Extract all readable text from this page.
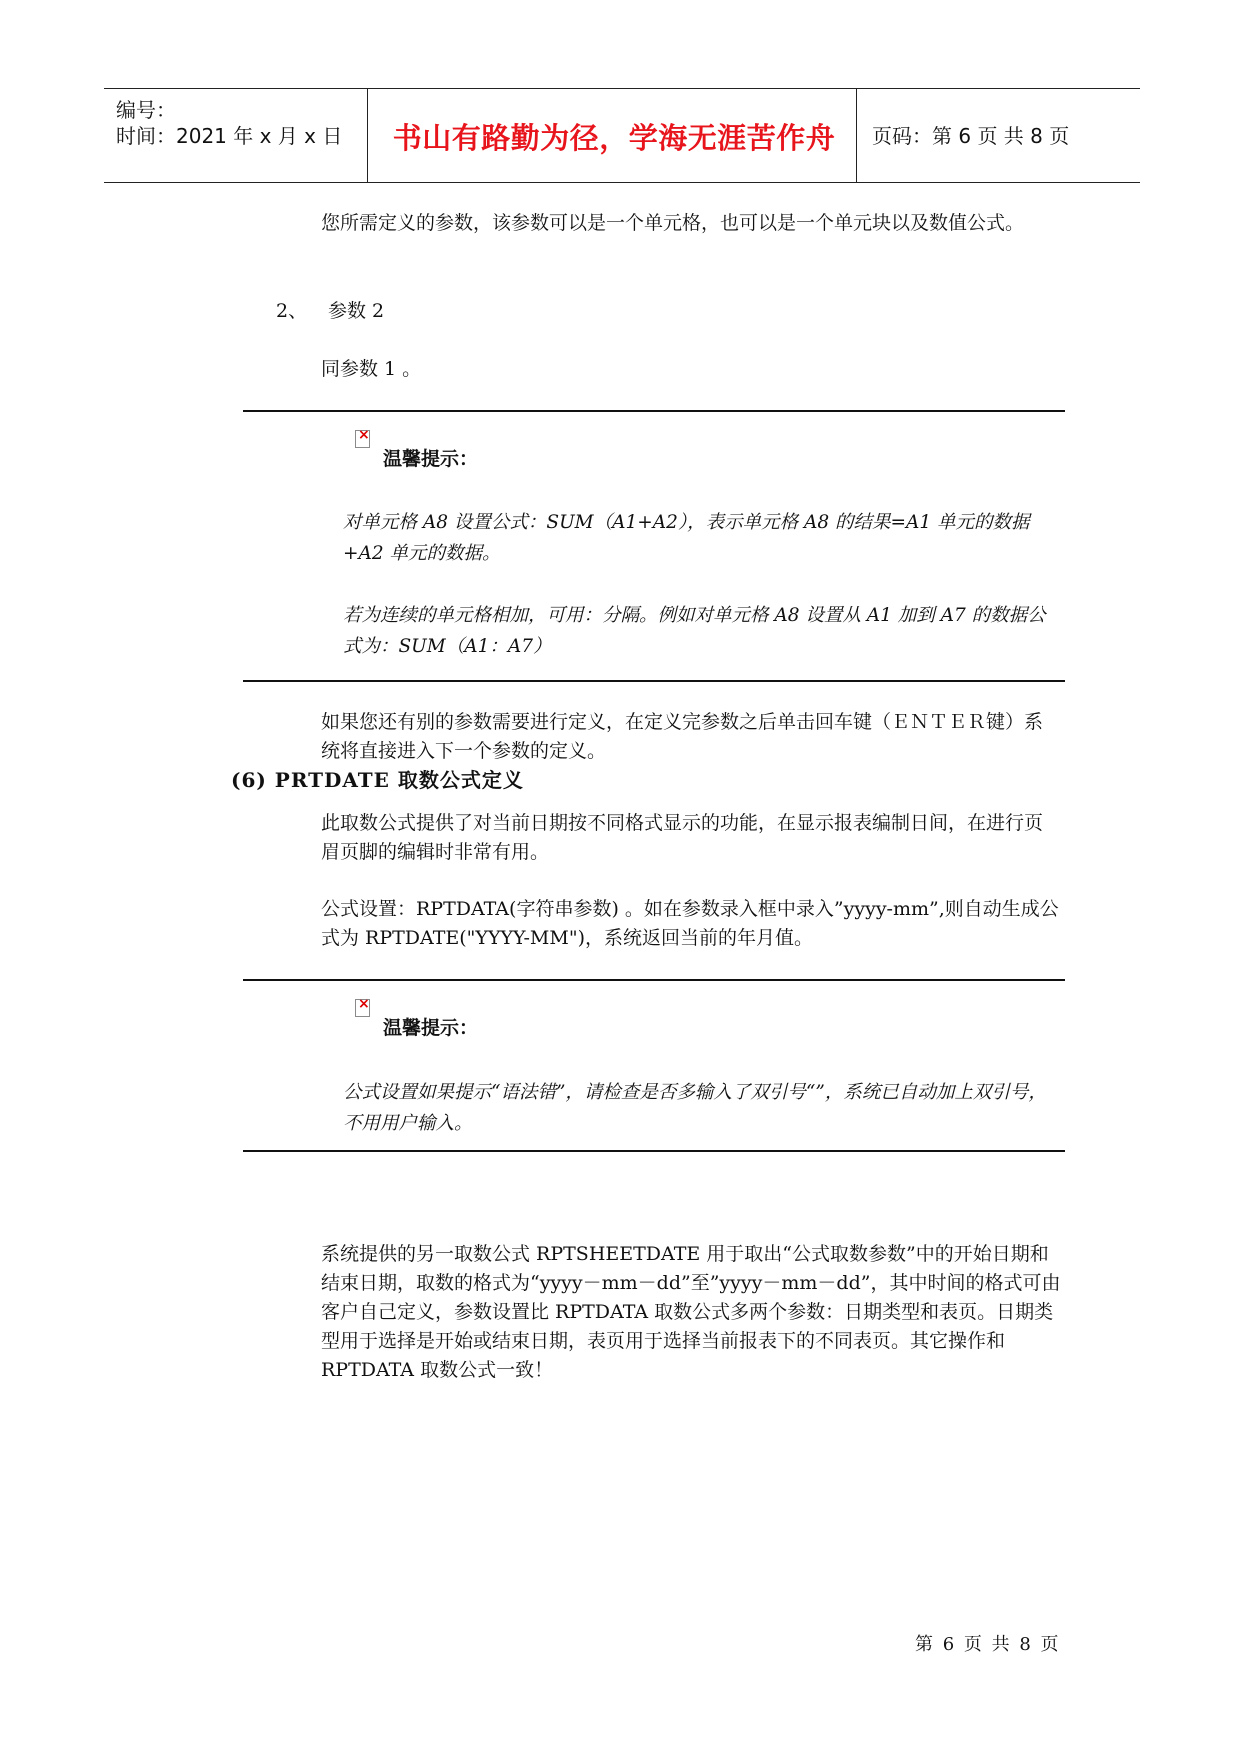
编号：
时间：2021 年 x 月 x 日	书山有路勤为径，学海无涯苦作舟	页码：第 6 页 共 8 页

您所需定义的参数，该参数可以是一个单元格，也可以是一个单元块以及数值公式。

2、 参数 2

同参数 1 。

×
温馨提示：

对单元格 A8 设置公式：SUM（A1+A2），表示单元格 A8 的结果=A1 单元的数据+A2 单元的数据。

若为连续的单元格相加，可用：分隔。例如对单元格 A8 设置从 A1 加到 A7 的数据公式为：SUM（A1：A7）

如果您还有别的参数需要进行定义，在定义完参数之后单击回车键（ＥＮＴＥＲ键）系统将直接进入下一个参数的定义。

(6) PRTDATE 取数公式定义

此取数公式提供了对当前日期按不同格式显示的功能，在显示报表编制日间，在进行页眉页脚的编辑时非常有用。

公式设置：RPTDATA(字符串参数) 。如在参数录入框中录入”yyyy-mm”,则自动生成公式为 RPTDATE("YYYY-MM")，系统返回当前的年月值。

×
温馨提示：

公式设置如果提示“语法错”，请检查是否多输入了双引号“”，系统已自动加上双引号，不用用户输入。

系统提供的另一取数公式 RPTSHEETDATE 用于取出“公式取数参数”中的开始日期和结束日期，取数的格式为“yyyy－mm－dd”至”yyyy－mm－dd”，其中时间的格式可由客户自己定义，参数设置比 RPTDATA 取数公式多两个参数：日期类型和表页。日期类型用于选择是开始或结束日期，表页用于选择当前报表下的不同表页。其它操作和 RPTDATA 取数公式一致！

第 6 页 共 8 页
